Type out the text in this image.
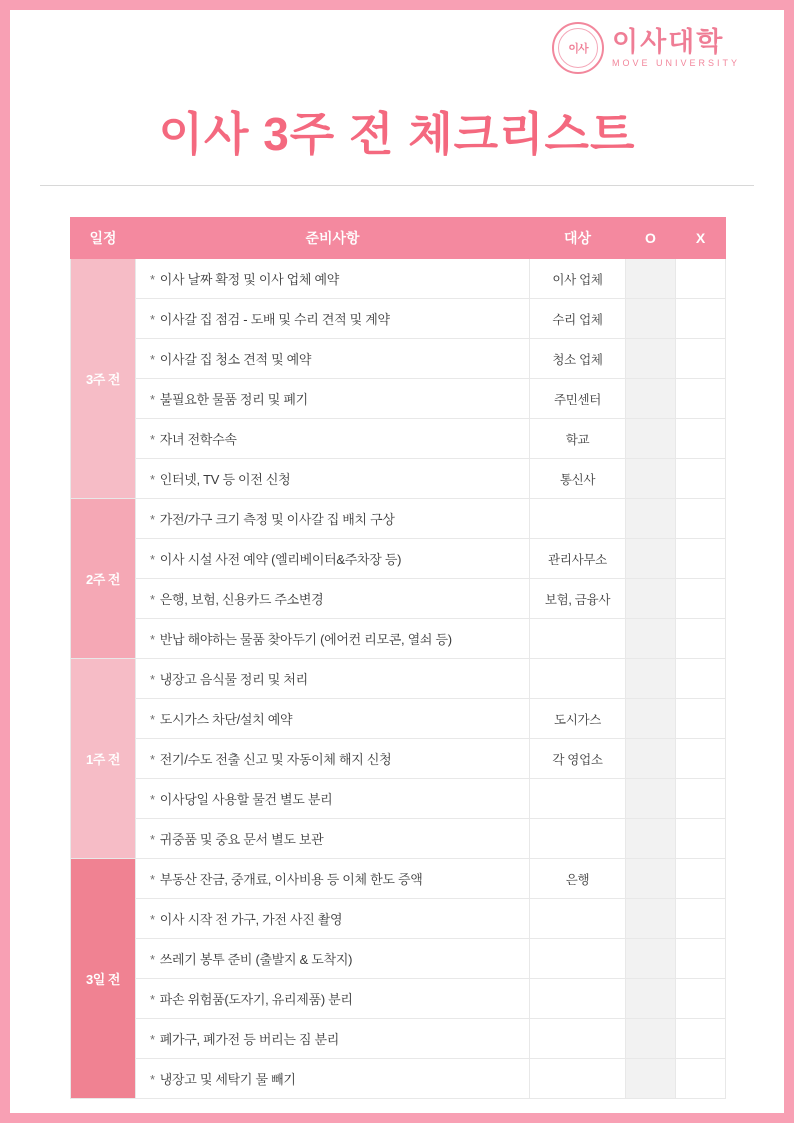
이사 이사대학
MOVE UNIVERSITY
이사 3주 전 체크리스트
일정	준비사항	대상	O	X
3주 전	* 이사 날짜 확정 및 이사 업체 예약	이사 업체		
	* 이사갈 집 점검 - 도배 및 수리 견적 및 계약	수리 업체		
	* 이사갈 집 청소 견적 및 예약	청소 업체		
	* 불필요한 물품 정리 및 폐기	주민센터		
	* 자녀 전학수속	학교		
	* 인터넷, TV 등 이전 신청	통신사		
2주 전	* 가전/가구 크기 측정 및 이사갈 집 배치 구상			
	* 이사 시설 사전 예약 (엘리베이터&주차장 등)	관리사무소		
	* 은행, 보험, 신용카드 주소변경	보험, 금융사		
	* 반납 해야하는 물품 찾아두기 (에어컨 리모콘, 열쇠 등)			
1주 전	* 냉장고 음식물 정리 및 처리			
	* 도시가스 차단/설치 예약	도시가스		
	* 전기/수도 전출 신고 및 자동이체 해지 신청	각 영업소		
	* 이사당일 사용할 물건 별도 분리			
	* 귀중품 및 중요 문서 별도 보관			
3일 전	* 부동산 잔금, 중개료, 이사비용 등 이체 한도 증액	은행		
	* 이사 시작 전 가구, 가전 사진 촬영			
	* 쓰레기 봉투 준비 (출발지 & 도착지)			
	* 파손 위험품(도자기, 유리제품) 분리			
	* 폐가구, 폐가전 등 버리는 짐 분리			
	* 냉장고 및 세탁기 물 빼기			
